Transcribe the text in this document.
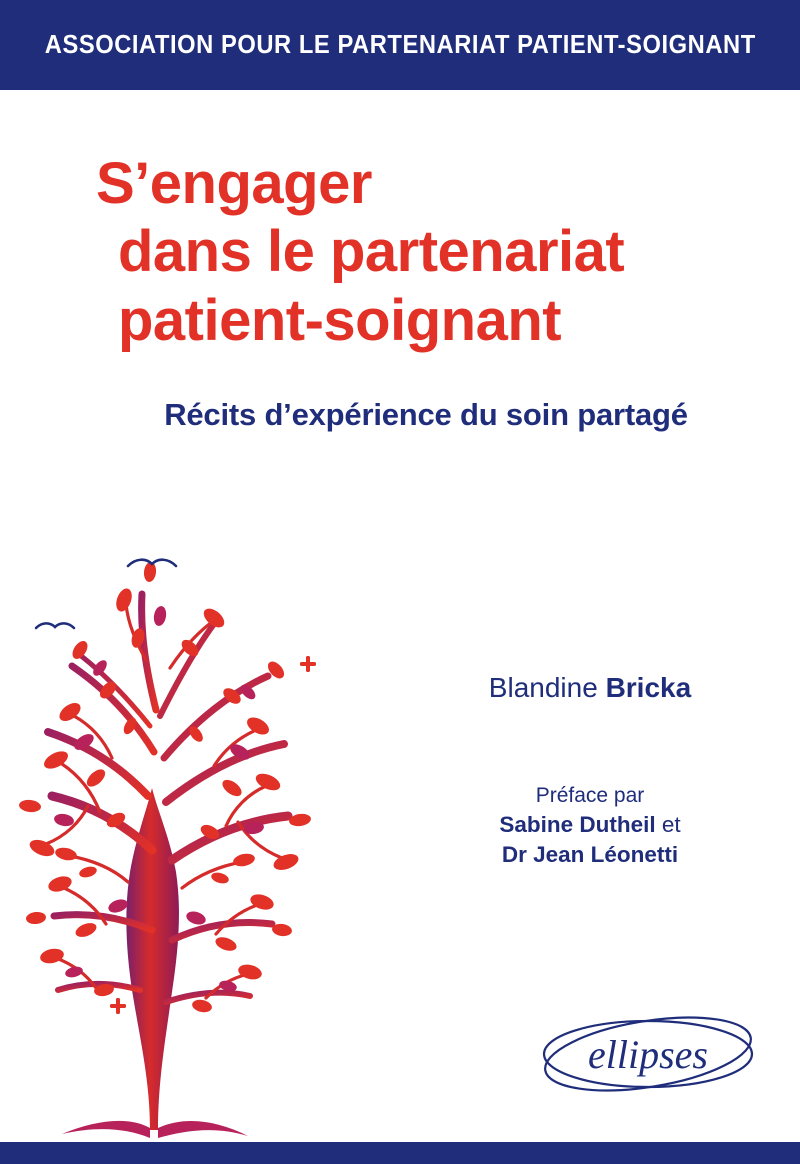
ASSOCIATION POUR LE PARTENARIAT PATIENT-SOIGNANT
S’engager
dans le partenariat
patient-soignant
Récits d’expérience du soin partagé
Blandine Bricka
Préface par
Sabine Dutheil et
Dr Jean Léonetti
ellipses
